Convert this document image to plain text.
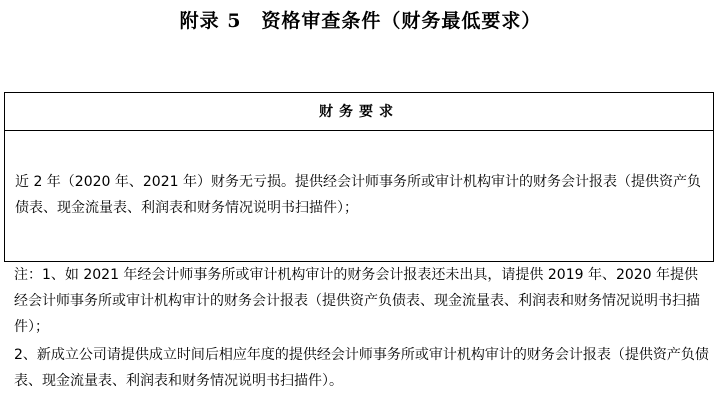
附录 5　资格审查条件（财务最低要求）
财务要求
近 2 年（2020 年、2021 年）财务无亏损。提供经会计师事务所或审计机构审计的财务会计报表（提供资产负债表、现金流量表、利润表和财务情况说明书扫描件）；

注：1、如 2021 年经会计师事务所或审计机构审计的财务会计报表还未出具，请提供 2019 年、2020 年提供经会计师事务所或审计机构审计的财务会计报表（提供资产负债表、现金流量表、利润表和财务情况说明书扫描件）；

2、新成立公司请提供成立时间后相应年度的提供经会计师事务所或审计机构审计的财务会计报表（提供资产负债表、现金流量表、利润表和财务情况说明书扫描件）。
